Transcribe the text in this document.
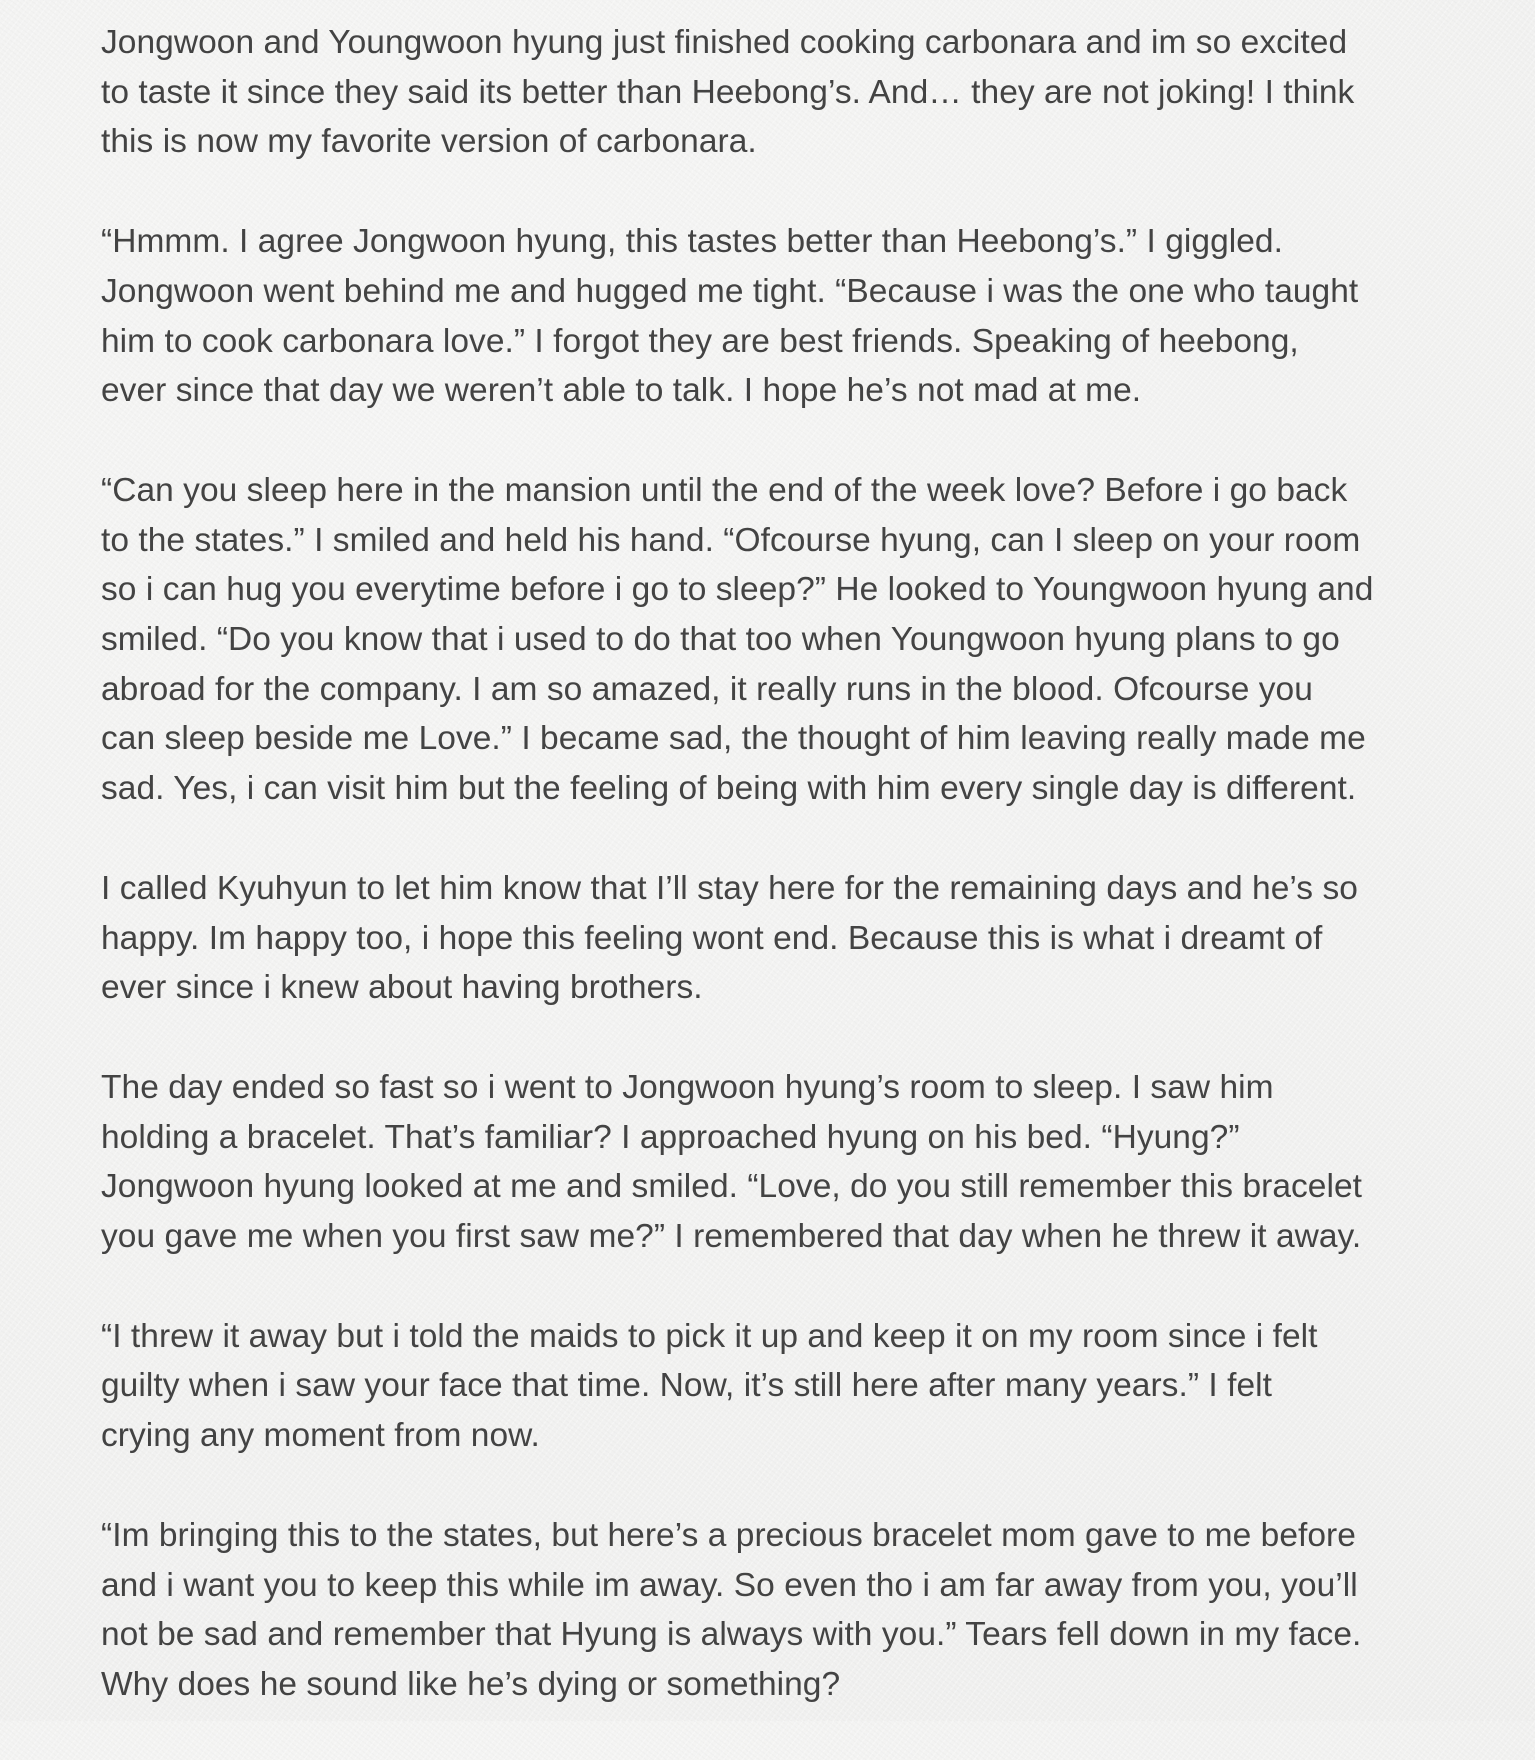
Jongwoon and Youngwoon hyung just finished cooking carbonara and im so excited
to taste it since they said its better than Heebong’s. And… they are not joking! I think
this is now my favorite version of carbonara.

“Hmmm. I agree Jongwoon hyung, this tastes better than Heebong’s.” I giggled.
Jongwoon went behind me and hugged me tight. “Because i was the one who taught
him to cook carbonara love.” I forgot they are best friends. Speaking of heebong,
ever since that day we weren’t able to talk. I hope he’s not mad at me.

“Can you sleep here in the mansion until the end of the week love? Before i go back
to the states.” I smiled and held his hand. “Ofcourse hyung, can I sleep on your room
so i can hug you everytime before i go to sleep?” He looked to Youngwoon hyung and
smiled. “Do you know that i used to do that too when Youngwoon hyung plans to go
abroad for the company. I am so amazed, it really runs in the blood. Ofcourse you
can sleep beside me Love.” I became sad, the thought of him leaving really made me
sad. Yes, i can visit him but the feeling of being with him every single day is different.

I called Kyuhyun to let him know that I’ll stay here for the remaining days and he’s so
happy. Im happy too, i hope this feeling wont end. Because this is what i dreamt of
ever since i knew about having brothers.

The day ended so fast so i went to Jongwoon hyung’s room to sleep. I saw him
holding a bracelet. That’s familiar? I approached hyung on his bed. “Hyung?”
Jongwoon hyung looked at me and smiled. “Love, do you still remember this bracelet
you gave me when you first saw me?” I remembered that day when he threw it away.

“I threw it away but i told the maids to pick it up and keep it on my room since i felt
guilty when i saw your face that time. Now, it’s still here after many years.” I felt
crying any moment from now.

“Im bringing this to the states, but here’s a precious bracelet mom gave to me before
and i want you to keep this while im away. So even tho i am far away from you, you’ll
not be sad and remember that Hyung is always with you.” Tears fell down in my face.
Why does he sound like he’s dying or something?
